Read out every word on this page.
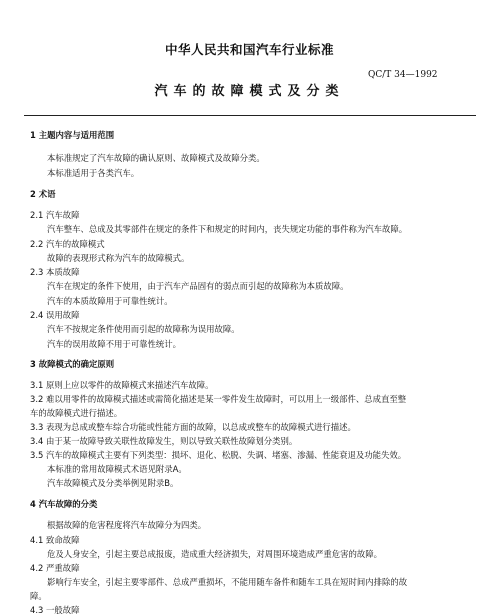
中华人民共和国汽车行业标准
QC/T 34—1992
汽车的故障模式及分类
1 主题内容与适用范围
本标准规定了汽车故障的确认原则、故障模式及故障分类。
本标准适用于各类汽车。
2 术语
2.1 汽车故障
汽车整车、总成及其零部件在规定的条件下和规定的时间内，丧失规定功能的事件称为汽车故障。
2.2 汽车的故障模式
故障的表现形式称为汽车的故障模式。
2.3 本质故障
汽车在规定的条件下使用，由于汽车产品固有的弱点而引起的故障称为本质故障。
汽车的本质故障用于可靠性统计。
2.4 误用故障
汽车不按规定条件使用而引起的故障称为误用故障。
汽车的误用故障不用于可靠性统计。
3 故障模式的确定原则
3.1 原则上应以零件的故障模式来描述汽车故障。
3.2 难以用零件的故障模式描述或需简化描述是某一零件发生故障时，可以用上一级部件、总成直至整
车的故障模式进行描述。
3.3 表现为总成或整车综合功能或性能方面的故障，以总成或整车的故障模式进行描述。
3.4 由于某一故障导致关联性故障发生，则以导致关联性故障划分类别。
3.5 汽车的故障模式主要有下列类型：损坏、退化、松脱、失调、堵塞、渗漏、性能衰退及功能失效。
本标准的常用故障模式术语见附录A。
汽车故障模式及分类举例见附录B。
4 汽车故障的分类
根据故障的危害程度将汽车故障分为四类。
4.1 致命故障
危及人身安全，引起主要总成报废，造成重大经济损失，对周围环境造成严重危害的故障。
4.2 严重故障
影响行车安全，引起主要零部件、总成严重损坏，不能用随车备件和随车工具在短时间内排除的故
障。
4.3 一般故障
